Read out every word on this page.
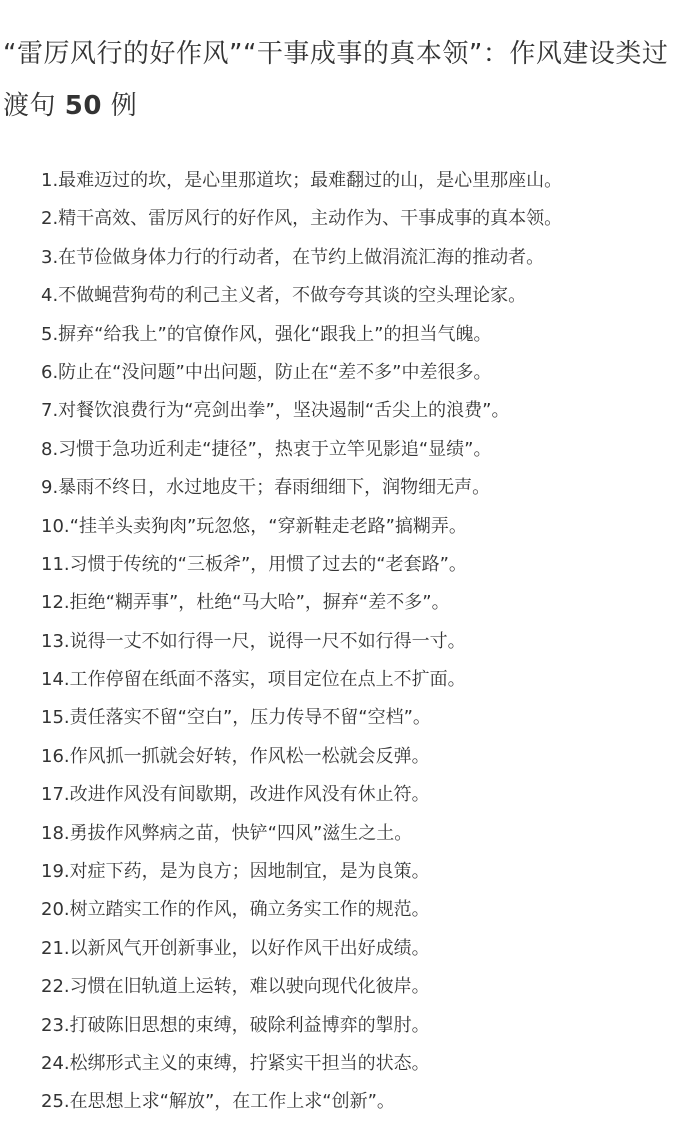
“雷厉风行的好作风”“干事成事的真本领”：作风建设类过渡句 50 例
1.最难迈过的坎，是心里那道坎；最难翻过的山，是心里那座山。
2.精干高效、雷厉风行的好作风，主动作为、干事成事的真本领。
3.在节俭做身体力行的行动者，在节约上做涓流汇海的推动者。
4.不做蝇营狗苟的利己主义者，不做夸夸其谈的空头理论家。
5.摒弃“给我上”的官僚作风，强化“跟我上”的担当气魄。
6.防止在“没问题”中出问题，防止在“差不多”中差很多。
7.对餐饮浪费行为“亮剑出拳”，坚决遏制“舌尖上的浪费”。
8.习惯于急功近利走“捷径”，热衷于立竿见影追“显绩”。
9.暴雨不终日，水过地皮干；春雨细细下，润物细无声。
10.“挂羊头卖狗肉”玩忽悠，“穿新鞋走老路”搞糊弄。
11.习惯于传统的“三板斧”，用惯了过去的“老套路”。
12.拒绝“糊弄事”，杜绝“马大哈”，摒弃“差不多”。
13.说得一丈不如行得一尺，说得一尺不如行得一寸。
14.工作停留在纸面不落实，项目定位在点上不扩面。
15.责任落实不留“空白”，压力传导不留“空档”。
16.作风抓一抓就会好转，作风松一松就会反弹。
17.改进作风没有间歇期，改进作风没有休止符。
18.勇拔作风弊病之苗，快铲“四风”滋生之土。
19.对症下药，是为良方；因地制宜，是为良策。
20.树立踏实工作的作风，确立务实工作的规范。
21.以新风气开创新事业，以好作风干出好成绩。
22.习惯在旧轨道上运转，难以驶向现代化彼岸。
23.打破陈旧思想的束缚，破除利益博弈的掣肘。
24.松绑形式主义的束缚，拧紧实干担当的状态。
25.在思想上求“解放”，在工作上求“创新”。
